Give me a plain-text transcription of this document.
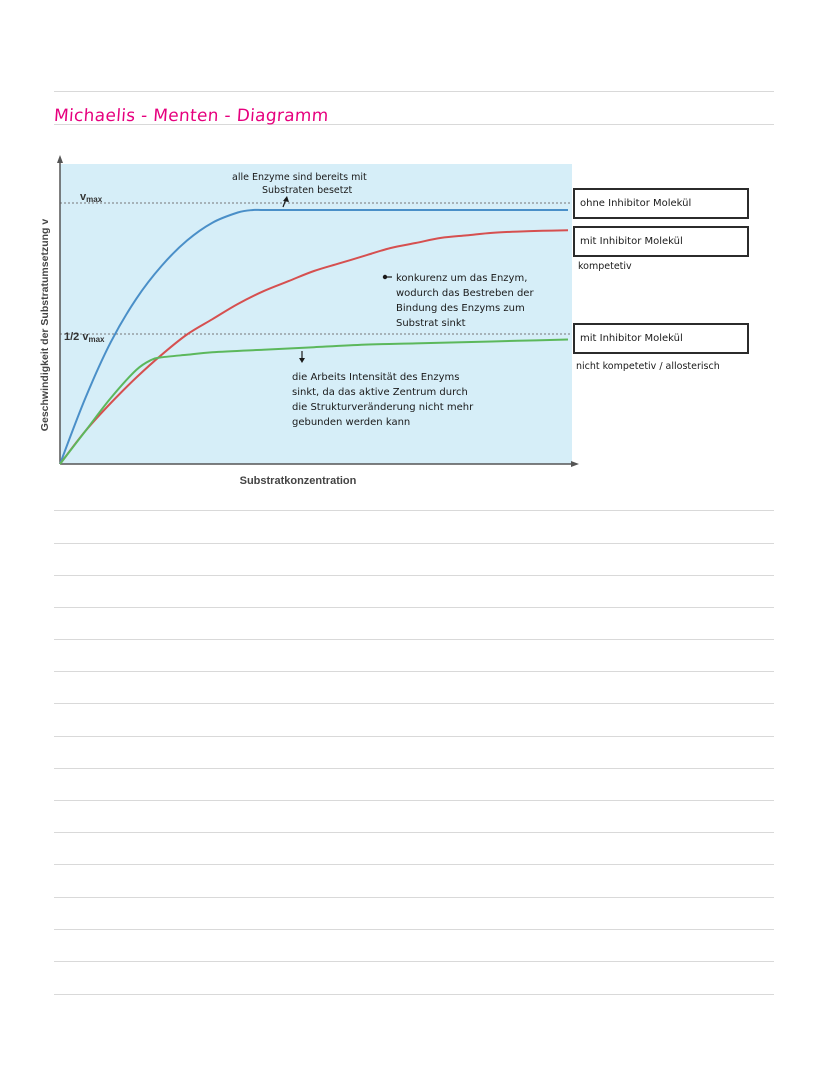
Michaelis - Menten - Diagramm
vmax
1/2 vmax
Substratkonzentration
Geschwindigkeit der Substratumsetzung v
alle Enzyme sind bereits mit
Substraten besetzt
konkurenz um das Enzym,
wodurch das Bestreben der
Bindung des Enzyms zum
Substrat sinkt
die Arbeits Intensität des Enzyms
sinkt, da das aktive Zentrum durch
die Strukturveränderung nicht mehr
gebunden werden kann
ohne Inhibitor Molekül
mit Inhibitor Molekül
kompetetiv
mit Inhibitor Molekül
nicht kompetetiv / allosterisch
